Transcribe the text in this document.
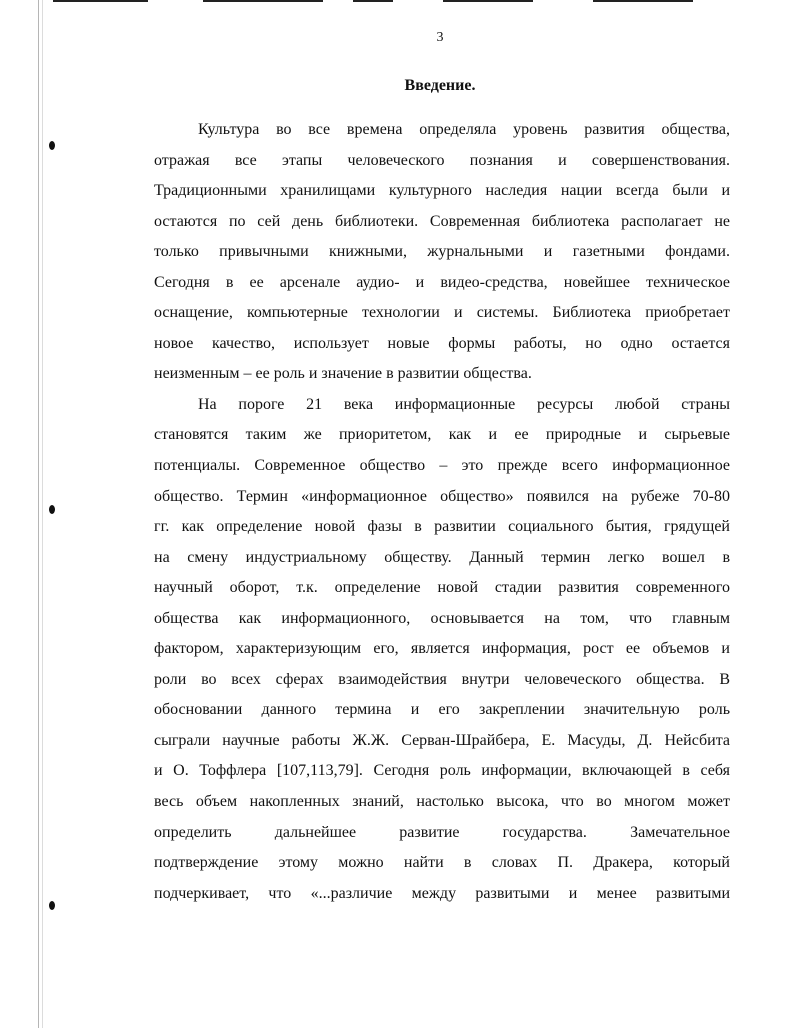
3
Введение.
Культура во все времена определяла уровень развития общества,
отражая все этапы человеческого познания и совершенствования.
Традиционными хранилищами культурного наследия нации всегда были и
остаются по сей день библиотеки. Современная библиотека располагает не
только привычными книжными, журнальными и газетными фондами.
Сегодня в ее арсенале аудио- и видео-средства, новейшее техническое
оснащение, компьютерные технологии и системы. Библиотека приобретает
новое качество, использует новые формы работы, но одно остается
неизменным – ее роль и значение в развитии общества.
На пороге 21 века информационные ресурсы любой страны
становятся таким же приоритетом, как и ее природные и сырьевые
потенциалы. Современное общество – это прежде всего информационное
общество. Термин «информационное общество» появился на рубеже 70-80
гг. как определение новой фазы в развитии социального бытия, грядущей
на смену индустриальному обществу. Данный термин легко вошел в
научный оборот, т.к. определение новой стадии развития современного
общества как информационного, основывается на том, что главным
фактором, характеризующим его, является информация, рост ее объемов и
роли во всех сферах взаимодействия внутри человеческого общества. В
обосновании данного термина и его закреплении значительную роль
сыграли научные работы Ж.Ж. Серван-Шрайбера, Е. Масуды, Д. Нейсбита
и О. Тоффлера [107,113,79]. Сегодня роль информации, включающей в себя
весь объем накопленных знаний, настолько высока, что во многом может
определить дальнейшее развитие государства. Замечательное
подтверждение этому можно найти в словах П. Дракера, который
подчеркивает, что «...различие между развитыми и менее развитыми
